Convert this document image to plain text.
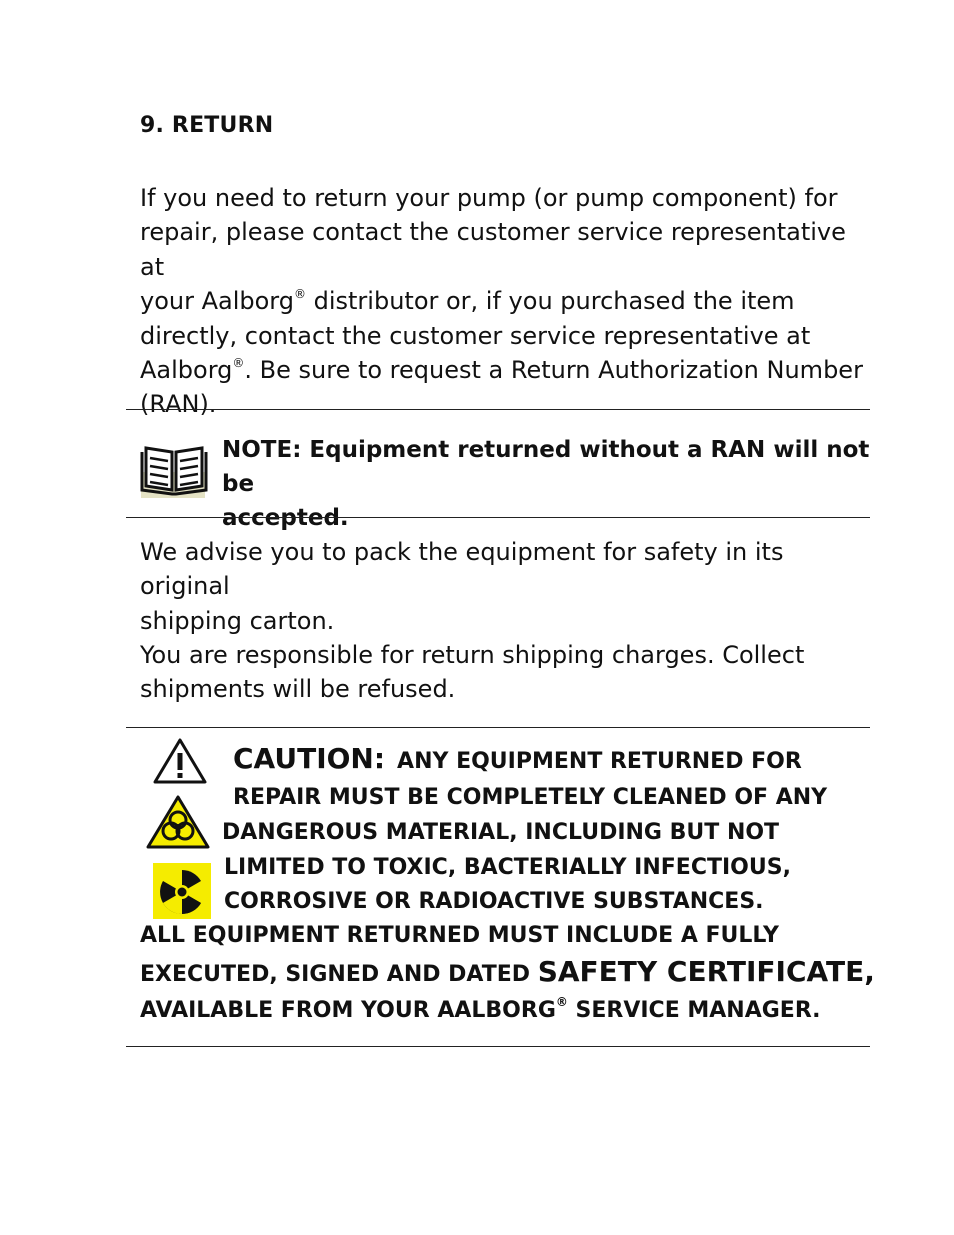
9. RETURN
If you need to return your pump (or pump component) for
repair, please contact the customer service representative at
your Aalborg® distributor or, if you purchased the item
directly, contact the customer service representative at
Aalborg®. Be sure to request a Return Authorization Number
(RAN).
NOTE: Equipment returned without a RAN will not be
accepted.
We advise you to pack the equipment for safety in its original
shipping carton.
You are responsible for return shipping charges. Collect
shipments will be refused.
CAUTION: ANY EQUIPMENT RETURNED FOR
REPAIR MUST BE COMPLETELY CLEANED OF ANY
DANGEROUS MATERIAL, INCLUDING BUT NOT
LIMITED TO TOXIC, BACTERIALLY INFECTIOUS,
CORROSIVE OR RADIOACTIVE SUBSTANCES.
ALL EQUIPMENT RETURNED MUST INCLUDE A FULLY
EXECUTED, SIGNED AND DATED SAFETY CERTIFICATE,
AVAILABLE FROM YOUR AALBORG® SERVICE MANAGER.
